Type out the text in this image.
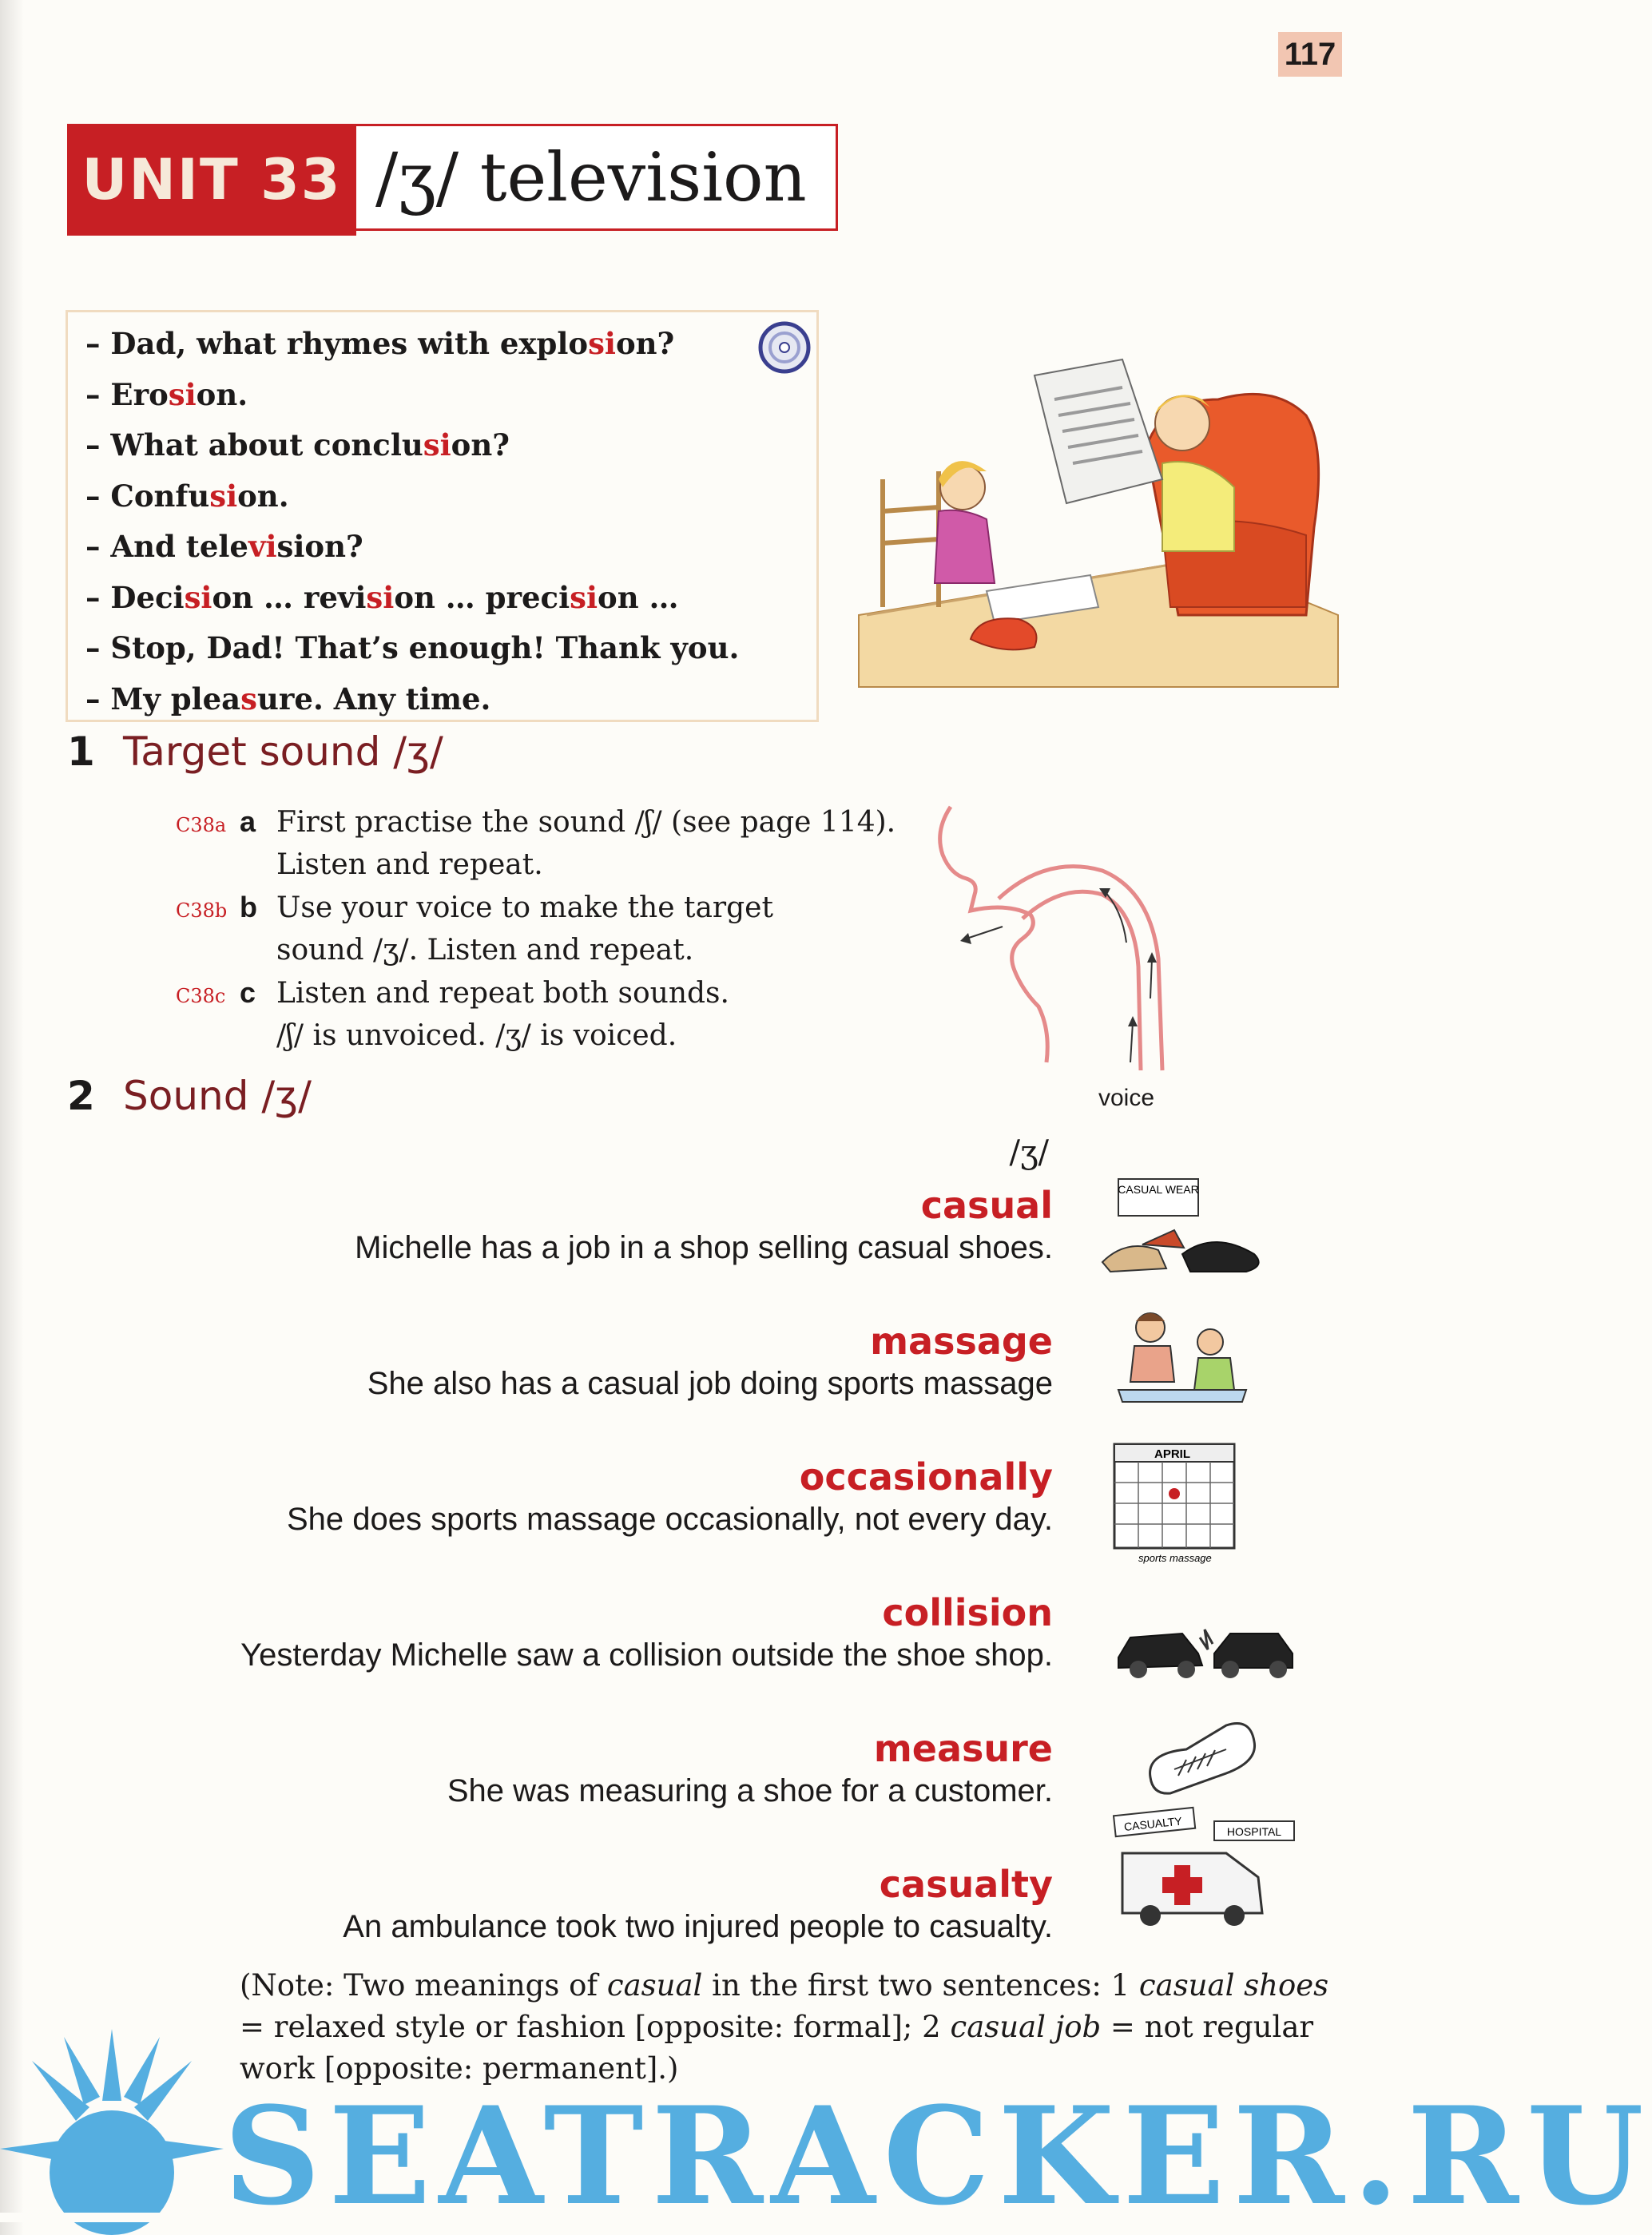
117
UNIT 33 /ʒ/ television
– Dad, what rhymes with explosion?
– Erosion.
– What about conclusion?
– Confusion.
– And television?
– Decision … revision … precision …
– Stop, Dad! That’s enough! Thank you.
– My pleasure. Any time.
1 Target sound /ʒ/
C38a a First practise the sound /ʃ/ (see page 114).
Listen and repeat.
C38b b Use your voice to make the target
sound /ʒ/. Listen and repeat.
C38c c Listen and repeat both sounds.
/ʃ/ is unvoiced. /ʒ/ is voiced.
voice
2 Sound /ʒ/
/ʒ/
casual
Michelle has a job in a shop selling casual shoes.
massage
She also has a casual job doing sports massage
occasionally
She does sports massage occasionally, not every day.
collision
Yesterday Michelle saw a collision outside the shoe shop.
measure
She was measuring a shoe for a customer.
casualty
An ambulance took two injured people to casualty.
CASUAL WEAR
APRIL
sports massage
CASUALTY	HOSPITAL
(Note: Two meanings of casual in the first two sentences: 1 casual shoes = relaxed style or fashion [opposite: formal]; 2 casual job = not regular work [opposite: permanent].)
SEATRACKER.RU
